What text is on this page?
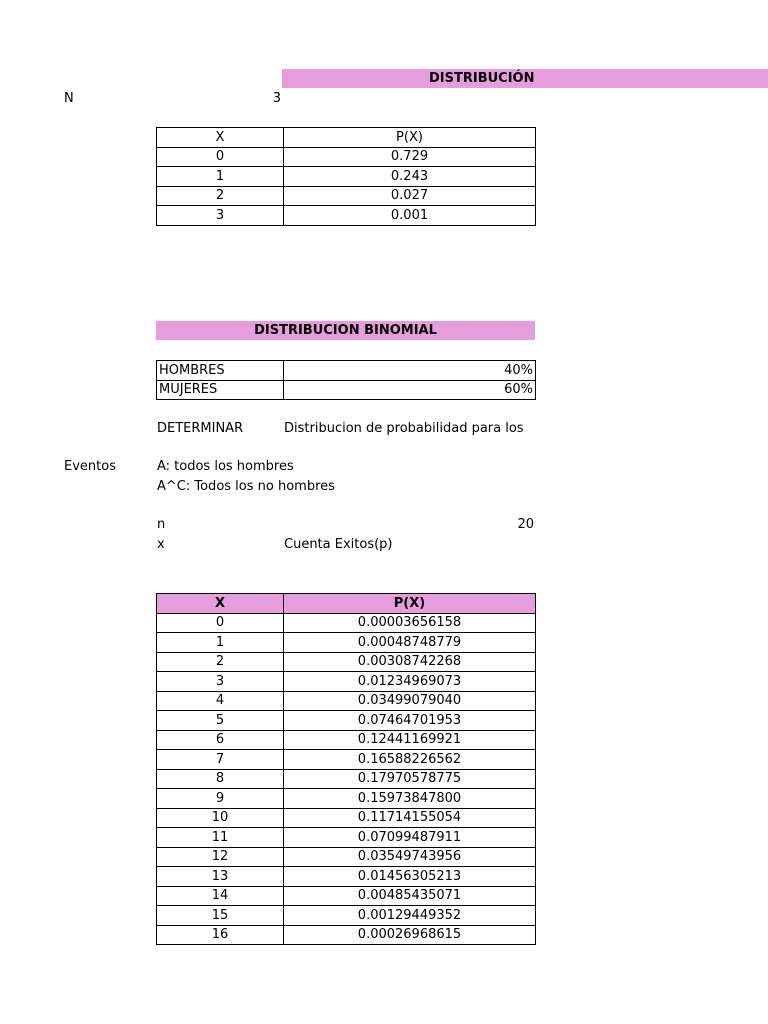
DISTRIBUCIÓN
N	3
X	P(X)
0	0.729
1	0.243
2	0.027
3	0.001
DISTRIBUCION BINOMIAL
HOMBRES	40%
MUJERES	60%
DETERMINAR	Distribucion de probabilidad para los
Eventos	A: todos los hombres
A^C: Todos los no hombres
n	20
x	Cuenta Exitos(p)
X	P(X)
0	0.00003656158
1	0.00048748779
2	0.00308742268
3	0.01234969073
4	0.03499079040
5	0.07464701953
6	0.12441169921
7	0.16588226562
8	0.17970578775
9	0.15973847800
10	0.11714155054
11	0.07099487911
12	0.03549743956
13	0.01456305213
14	0.00485435071
15	0.00129449352
16	0.00026968615
